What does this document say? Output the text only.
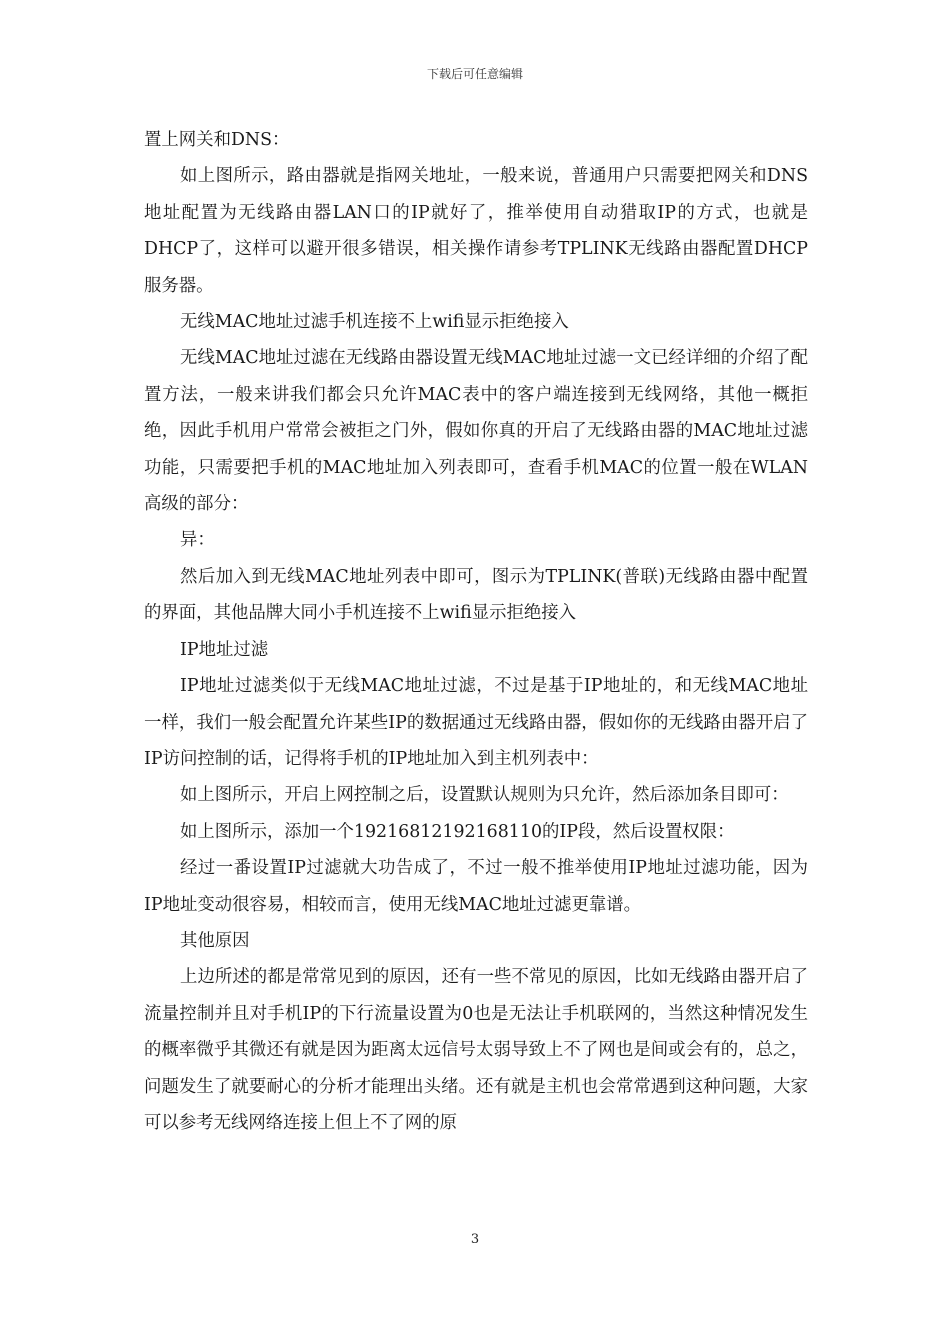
下载后可任意编辑

置上网关和DNS：

如上图所示，路由器就是指网关地址，一般来说，普通用户只需要把网关和DNS地址配置为无线路由器LAN口的IP就好了，推举使用自动猎取IP的方式，也就是DHCP了，这样可以避开很多错误，相关操作请参考TPLINK无线路由器配置DHCP服务器。

无线MAC地址过滤手机连接不上wifi显示拒绝接入

无线MAC地址过滤在无线路由器设置无线MAC地址过滤一文已经详细的介绍了配置方法，一般来讲我们都会只允许MAC表中的客户端连接到无线网络，其他一概拒绝，因此手机用户常常会被拒之门外，假如你真的开启了无线路由器的MAC地址过滤功能，只需要把手机的MAC地址加入列表即可，查看手机MAC的位置一般在WLAN高级的部分：

异：

然后加入到无线MAC地址列表中即可，图示为TPLINK(普联)无线路由器中配置的界面，其他品牌大同小手机连接不上wifi显示拒绝接入

IP地址过滤

IP地址过滤类似于无线MAC地址过滤，不过是基于IP地址的，和无线MAC地址一样，我们一般会配置允许某些IP的数据通过无线路由器，假如你的无线路由器开启了IP访问控制的话，记得将手机的IP地址加入到主机列表中：

如上图所示，开启上网控制之后，设置默认规则为只允许，然后添加条目即可：

如上图所示，添加一个19216812192168110的IP段，然后设置权限：

经过一番设置IP过滤就大功告成了，不过一般不推举使用IP地址过滤功能，因为IP地址变动很容易，相较而言，使用无线MAC地址过滤更靠谱。

其他原因

上边所述的都是常常见到的原因，还有一些不常见的原因，比如无线路由器开启了流量控制并且对手机IP的下行流量设置为0也是无法让手机联网的，当然这种情况发生的概率微乎其微还有就是因为距离太远信号太弱导致上不了网也是间或会有的，总之，问题发生了就要耐心的分析才能理出头绪。还有就是主机也会常常遇到这种问题，大家可以参考无线网络连接上但上不了网的原

3
